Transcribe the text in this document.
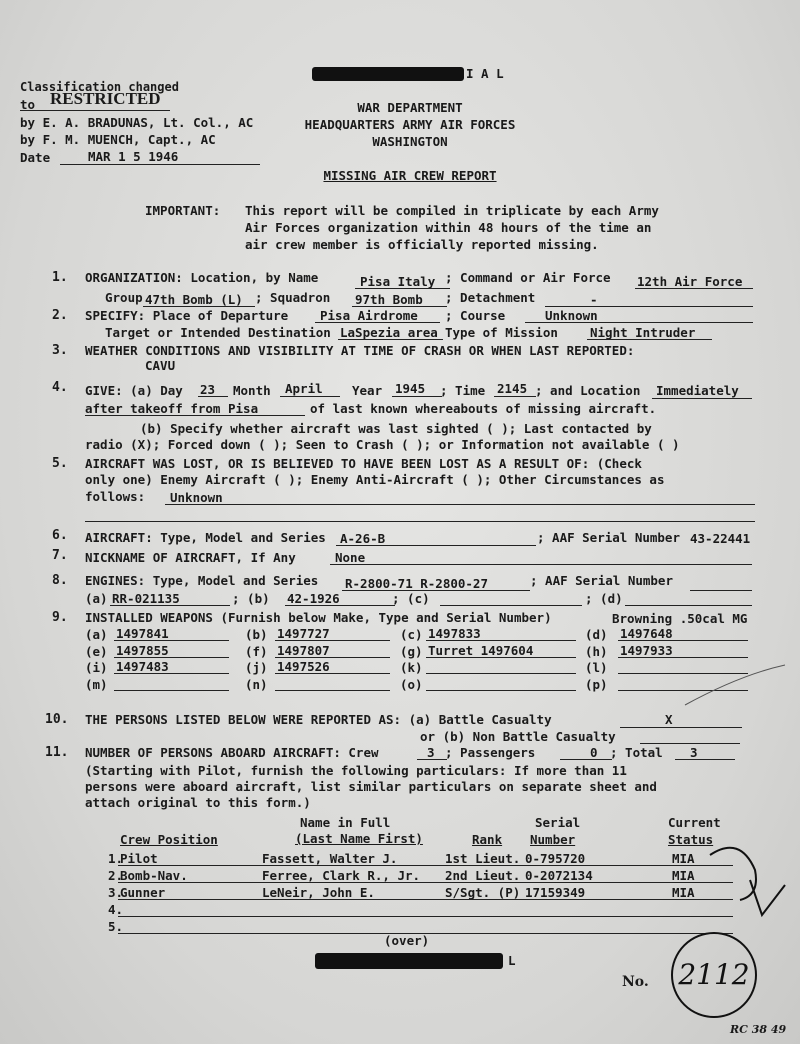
Classification changed
to RESTRICTED
by E. A. BRADUNAS, Lt. Col., AC
by F. M. MUENCH, Capt., AC
Date	MAR 1 5 1946
I A L
WAR DEPARTMENT
HEADQUARTERS ARMY AIR FORCES
WASHINGTON
MISSING AIR CREW REPORT
IMPORTANT: This report will be compiled in triplicate by each Army
Air Forces organization within 48 hours of the time an
air crew member is officially reported missing.
1. ORGANIZATION: Location, by Name	Pisa Italy ; Command or Air Force 12th Air Force
Group 47th Bomb (L) ; Squadron 97th Bomb ; Detachment	-
2. SPECIFY: Place of Departure	Pisa Airdrome ; Course	Unknown
Target or Intended Destination LaSpezia area Type of Mission	Night Intruder
3. WEATHER CONDITIONS AND VISIBILITY AT TIME OF CRASH OR WHEN LAST REPORTED:
CAVU
4. GIVE: (a) Day 23 Month April Year 1945 ; Time 2145 ; and Location Immediately
after takeoff from Pisa	of last known whereabouts of missing aircraft.
(b) Specify whether aircraft was last sighted ( ); Last contacted by
radio (X); Forced down ( ); Seen to Crash ( ); or Information not available ( )
5. AIRCRAFT WAS LOST, OR IS BELIEVED TO HAVE BEEN LOST AS A RESULT OF: (Check
only one) Enemy Aircraft ( ); Enemy Anti-Aircraft ( ); Other Circumstances as
follows: Unknown
6. AIRCRAFT: Type, Model and Series A-26-B	; AAF Serial Number 43-22441
7. NICKNAME OF AIRCRAFT, If Any	None
8. ENGINES: Type, Model and Series R-2800-71 R-2800-27	; AAF Serial Number
(a) RR-021135	; (b) 42-1926	; (c)	; (d)
9. INSTALLED WEAPONS (Furnish below Make, Type and Serial Number)	Browning .50cal MG
(a) 1497841	(b) 1497727	(c) 1497833	(d) 1497648
(e) 1497855	(f) 1497807	(g) Turret 1497604	(h) 1497933
(i) 1497483	(j) 1497526	(k)	(l)
(m)	(n)	(o)	(p)
10. THE PERSONS LISTED BELOW WERE REPORTED AS: (a) Battle Casualty	X
or (b) Non Battle Casualty
11. NUMBER OF PERSONS ABOARD AIRCRAFT: Crew	3 ; Passengers	0 ; Total 3
(Starting with Pilot, furnish the following particulars: If more than 11
persons were aboard aircraft, list similar particulars on separate sheet and
attach original to this form.)
Name in Full	Serial	Current
Crew Position	(Last Name First)	Rank Number	Status
1.
Pilot	Fassett, Walter J.	1st Lieut. 0-795720	MIA
2.
Bomb-Nav.	Ferree, Clark R., Jr. 2nd Lieut. 0-2072134	MIA
3.
Gunner	LeNeir, John E.	S/Sgt. (P) 17159349	MIA
4.
5.
(over)
L
No. 2112
RC 38 49
